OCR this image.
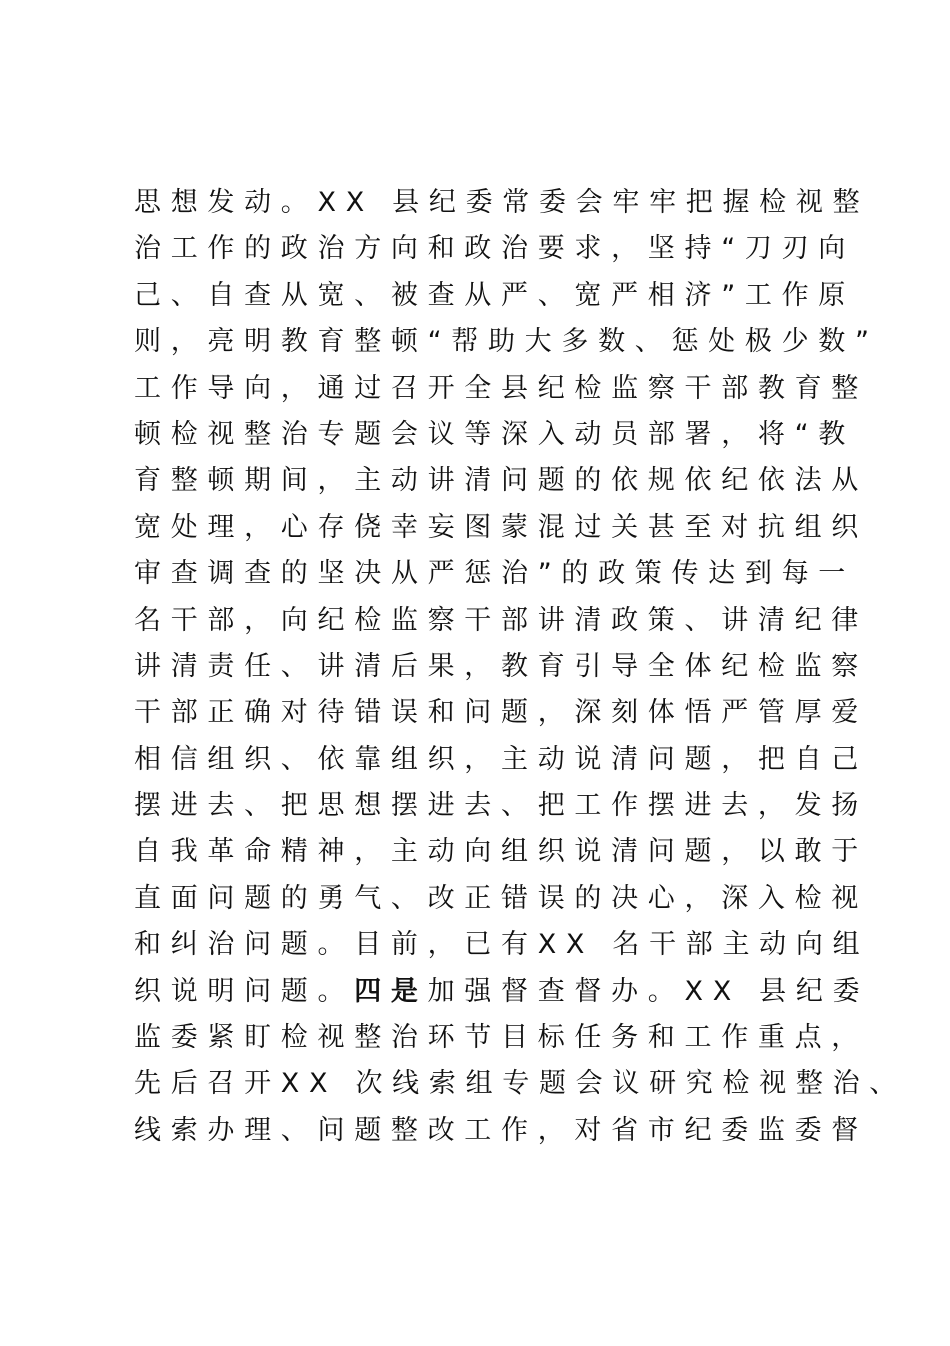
思想发动。XX 县纪委常委会牢牢把握检视整
治工作的政治方向和政治要求，坚持“刀刃向
己、自查从宽、被查从严、宽严相济”工作原
则，亮明教育整顿“帮助大多数、惩处极少数”
工作导向，通过召开全县纪检监察干部教育整
顿检视整治专题会议等深入动员部署，将“教
育整顿期间，主动讲清问题的依规依纪依法从
宽处理，心存侥幸妄图蒙混过关甚至对抗组织
审查调查的坚决从严惩治”的政策传达到每一
名干部，向纪检监察干部讲清政策、讲清纪律
讲清责任、讲清后果，教育引导全体纪检监察
干部正确对待错误和问题，深刻体悟严管厚爱
相信组织、依靠组织，主动说清问题，把自己
摆进去、把思想摆进去、把工作摆进去，发扬
自我革命精神，主动向组织说清问题，以敢于
直面问题的勇气、改正错误的决心，深入检视
和纠治问题。目前，已有XX 名干部主动向组
织说明问题。四是加强督查督办。XX 县纪委
监委紧盯检视整治环节目标任务和工作重点，
先后召开XX 次线索组专题会议研究检视整治、
线索办理、问题整改工作，对省市纪委监委督
